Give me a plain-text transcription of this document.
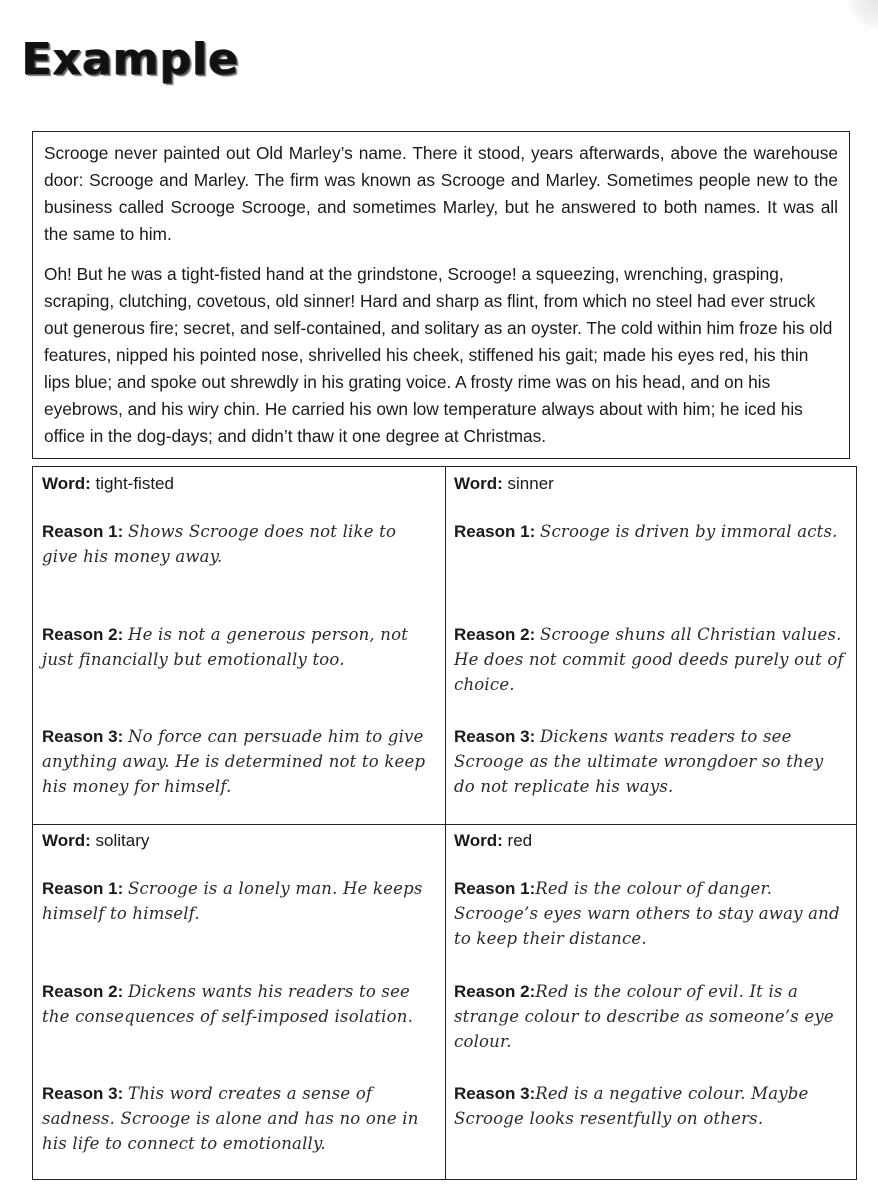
Example

Scrooge never painted out Old Marley’s name. There it stood, years afterwards, above the warehouse door: Scrooge and Marley. The firm was known as Scrooge and Marley. Sometimes people new to the business called Scrooge Scrooge, and sometimes Marley, but he answered to both names. It was all the same to him.

Oh! But he was a tight-fisted hand at the grindstone, Scrooge! a squeezing, wrenching, grasping, scraping, clutching, covetous, old sinner! Hard and sharp as flint, from which no steel had ever struck out generous fire; secret, and self-contained, and solitary as an oyster. The cold within him froze his old features, nipped his pointed nose, shrivelled his cheek, stiffened his gait; made his eyes red, his thin lips blue; and spoke out shrewdly in his grating voice. A frosty rime was on his head, and on his eyebrows, and his wiry chin. He carried his own low temperature always about with him; he iced his office in the dog-days; and didn’t thaw it one degree at Christmas.

Word: tight-fisted

Reason 1: Shows Scrooge does not like to give his money away.

Reason 2: He is not a generous person, not just financially but emotionally too.

Reason 3: No force can persuade him to give anything away. He is determined not to keep his money for himself.

Word: sinner

Reason 1: Scrooge is driven by immoral acts.

Reason 2: Scrooge shuns all Christian values. He does not commit good deeds purely out of choice.

Reason 3: Dickens wants readers to see Scrooge as the ultimate wrongdoer so they do not replicate his ways.

Word: solitary

Reason 1: Scrooge is a lonely man. He keeps himself to himself.

Reason 2: Dickens wants his readers to see the consequences of self-imposed isolation.

Reason 3: This word creates a sense of sadness. Scrooge is alone and has no one in his life to connect to emotionally.

Word: red

Reason 1:Red is the colour of danger. Scrooge’s eyes warn others to stay away and to keep their distance.

Reason 2:Red is the colour of evil. It is a strange colour to describe as someone’s eye colour.

Reason 3:Red is a negative colour. Maybe Scrooge looks resentfully on others.
